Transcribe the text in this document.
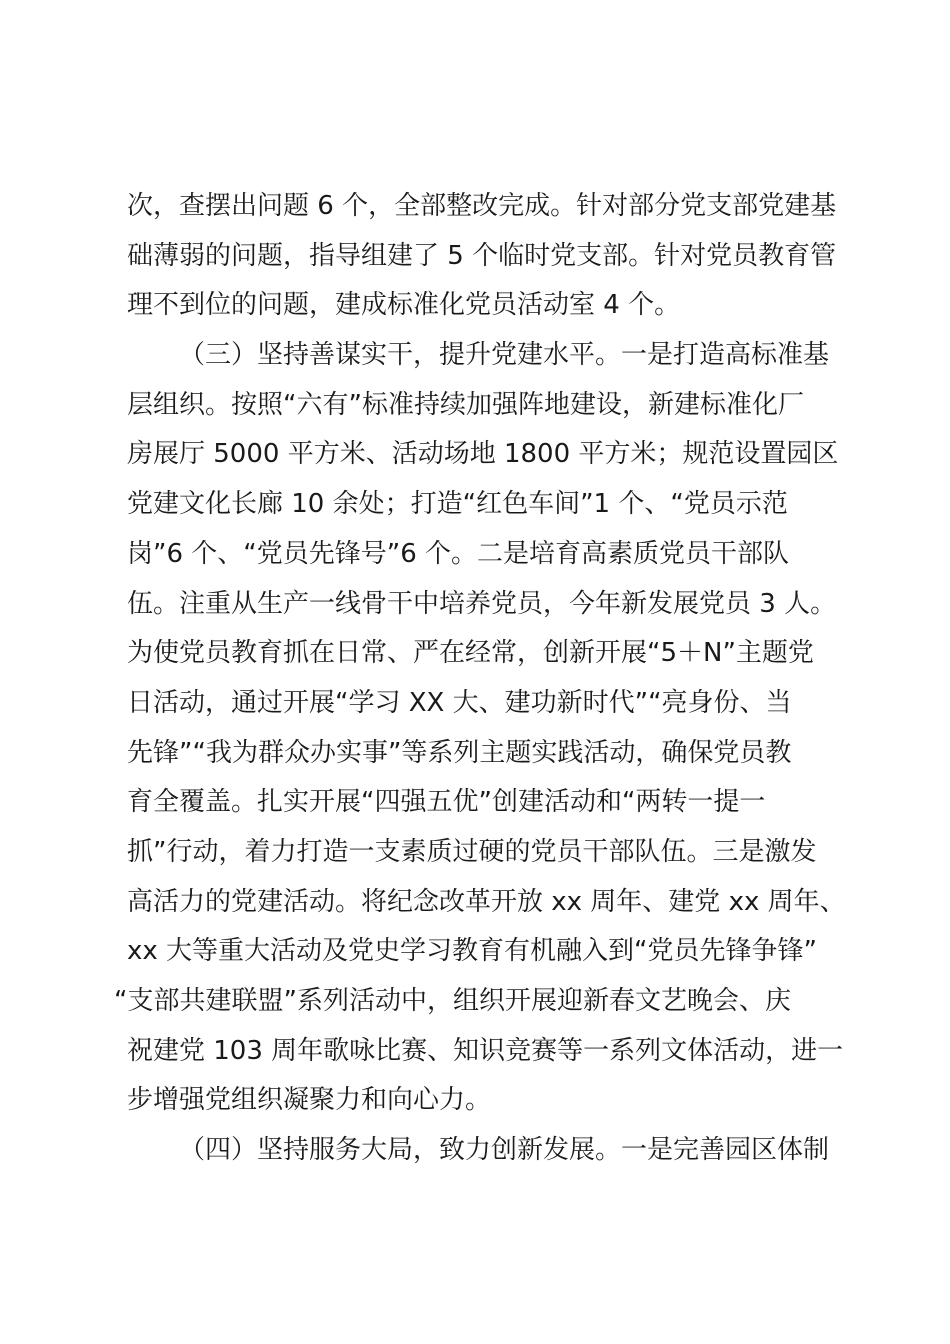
次，查摆出问题 6 个，全部整改完成。针对部分党支部党建基
础薄弱的问题，指导组建了 5 个临时党支部。针对党员教育管
理不到位的问题，建成标准化党员活动室 4 个。
（三）坚持善谋实干，提升党建水平。一是打造高标准基
层组织。按照“六有”标准持续加强阵地建设，新建标准化厂
房展厅 5000 平方米、活动场地 1800 平方米；规范设置园区
党建文化长廊 10 余处；打造“红色车间”1 个、“党员示范
岗”6 个、“党员先锋号”6 个。二是培育高素质党员干部队
伍。注重从生产一线骨干中培养党员，今年新发展党员 3 人。
为使党员教育抓在日常、严在经常，创新开展“5＋N”主题党
日活动，通过开展“学习 XX 大、建功新时代”“亮身份、当
先锋”“我为群众办实事”等系列主题实践活动，确保党员教
育全覆盖。扎实开展“四强五优”创建活动和“两转一提一
抓”行动，着力打造一支素质过硬的党员干部队伍。三是激发
高活力的党建活动。将纪念改革开放 xx 周年、建党 xx 周年、
xx 大等重大活动及党史学习教育有机融入到“党员先锋争锋”
“支部共建联盟”系列活动中，组织开展迎新春文艺晚会、庆
祝建党 103 周年歌咏比赛、知识竞赛等一系列文体活动，进一
步增强党组织凝聚力和向心力。
（四）坚持服务大局，致力创新发展。一是完善园区体制
